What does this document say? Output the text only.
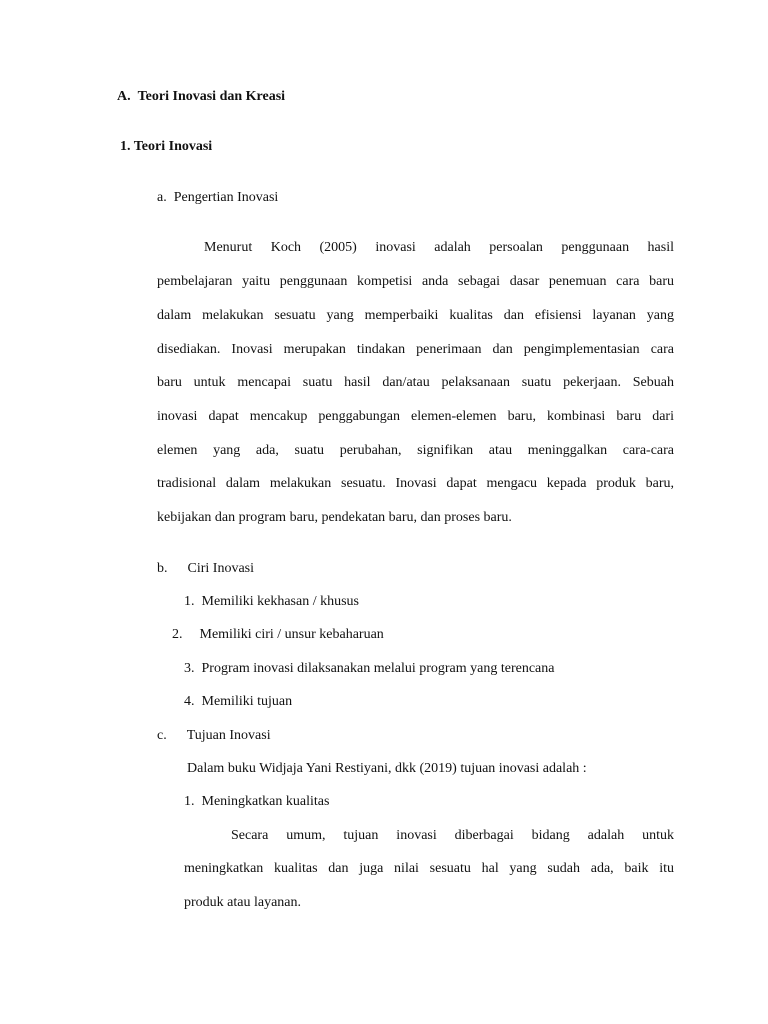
A. Teori Inovasi dan Kreasi
1. Teori Inovasi
a. Pengertian Inovasi
Menurut Koch (2005) inovasi adalah persoalan penggunaan hasil
pembelajaran yaitu penggunaan kompetisi anda sebagai dasar penemuan cara baru
dalam melakukan sesuatu yang memperbaiki kualitas dan efisiensi layanan yang
disediakan. Inovasi merupakan tindakan penerimaan dan pengimplementasian cara
baru untuk mencapai suatu hasil dan/atau pelaksanaan suatu pekerjaan. Sebuah
inovasi dapat mencakup penggabungan elemen-elemen baru, kombinasi baru dari
elemen yang ada, suatu perubahan, signifikan atau meninggalkan cara-cara
tradisional dalam melakukan sesuatu. Inovasi dapat mengacu kepada produk baru,
kebijakan dan program baru, pendekatan baru, dan proses baru.
b. Ciri Inovasi
1. Memiliki kekhasan / khusus
2. Memiliki ciri / unsur kebaharuan
3. Program inovasi dilaksanakan melalui program yang terencana
4. Memiliki tujuan
c. Tujuan Inovasi
Dalam buku Widjaja Yani Restiyani, dkk (2019) tujuan inovasi adalah :
1. Meningkatkan kualitas
Secara umum, tujuan inovasi diberbagai bidang adalah untuk
meningkatkan kualitas dan juga nilai sesuatu hal yang sudah ada, baik itu
produk atau layanan.
